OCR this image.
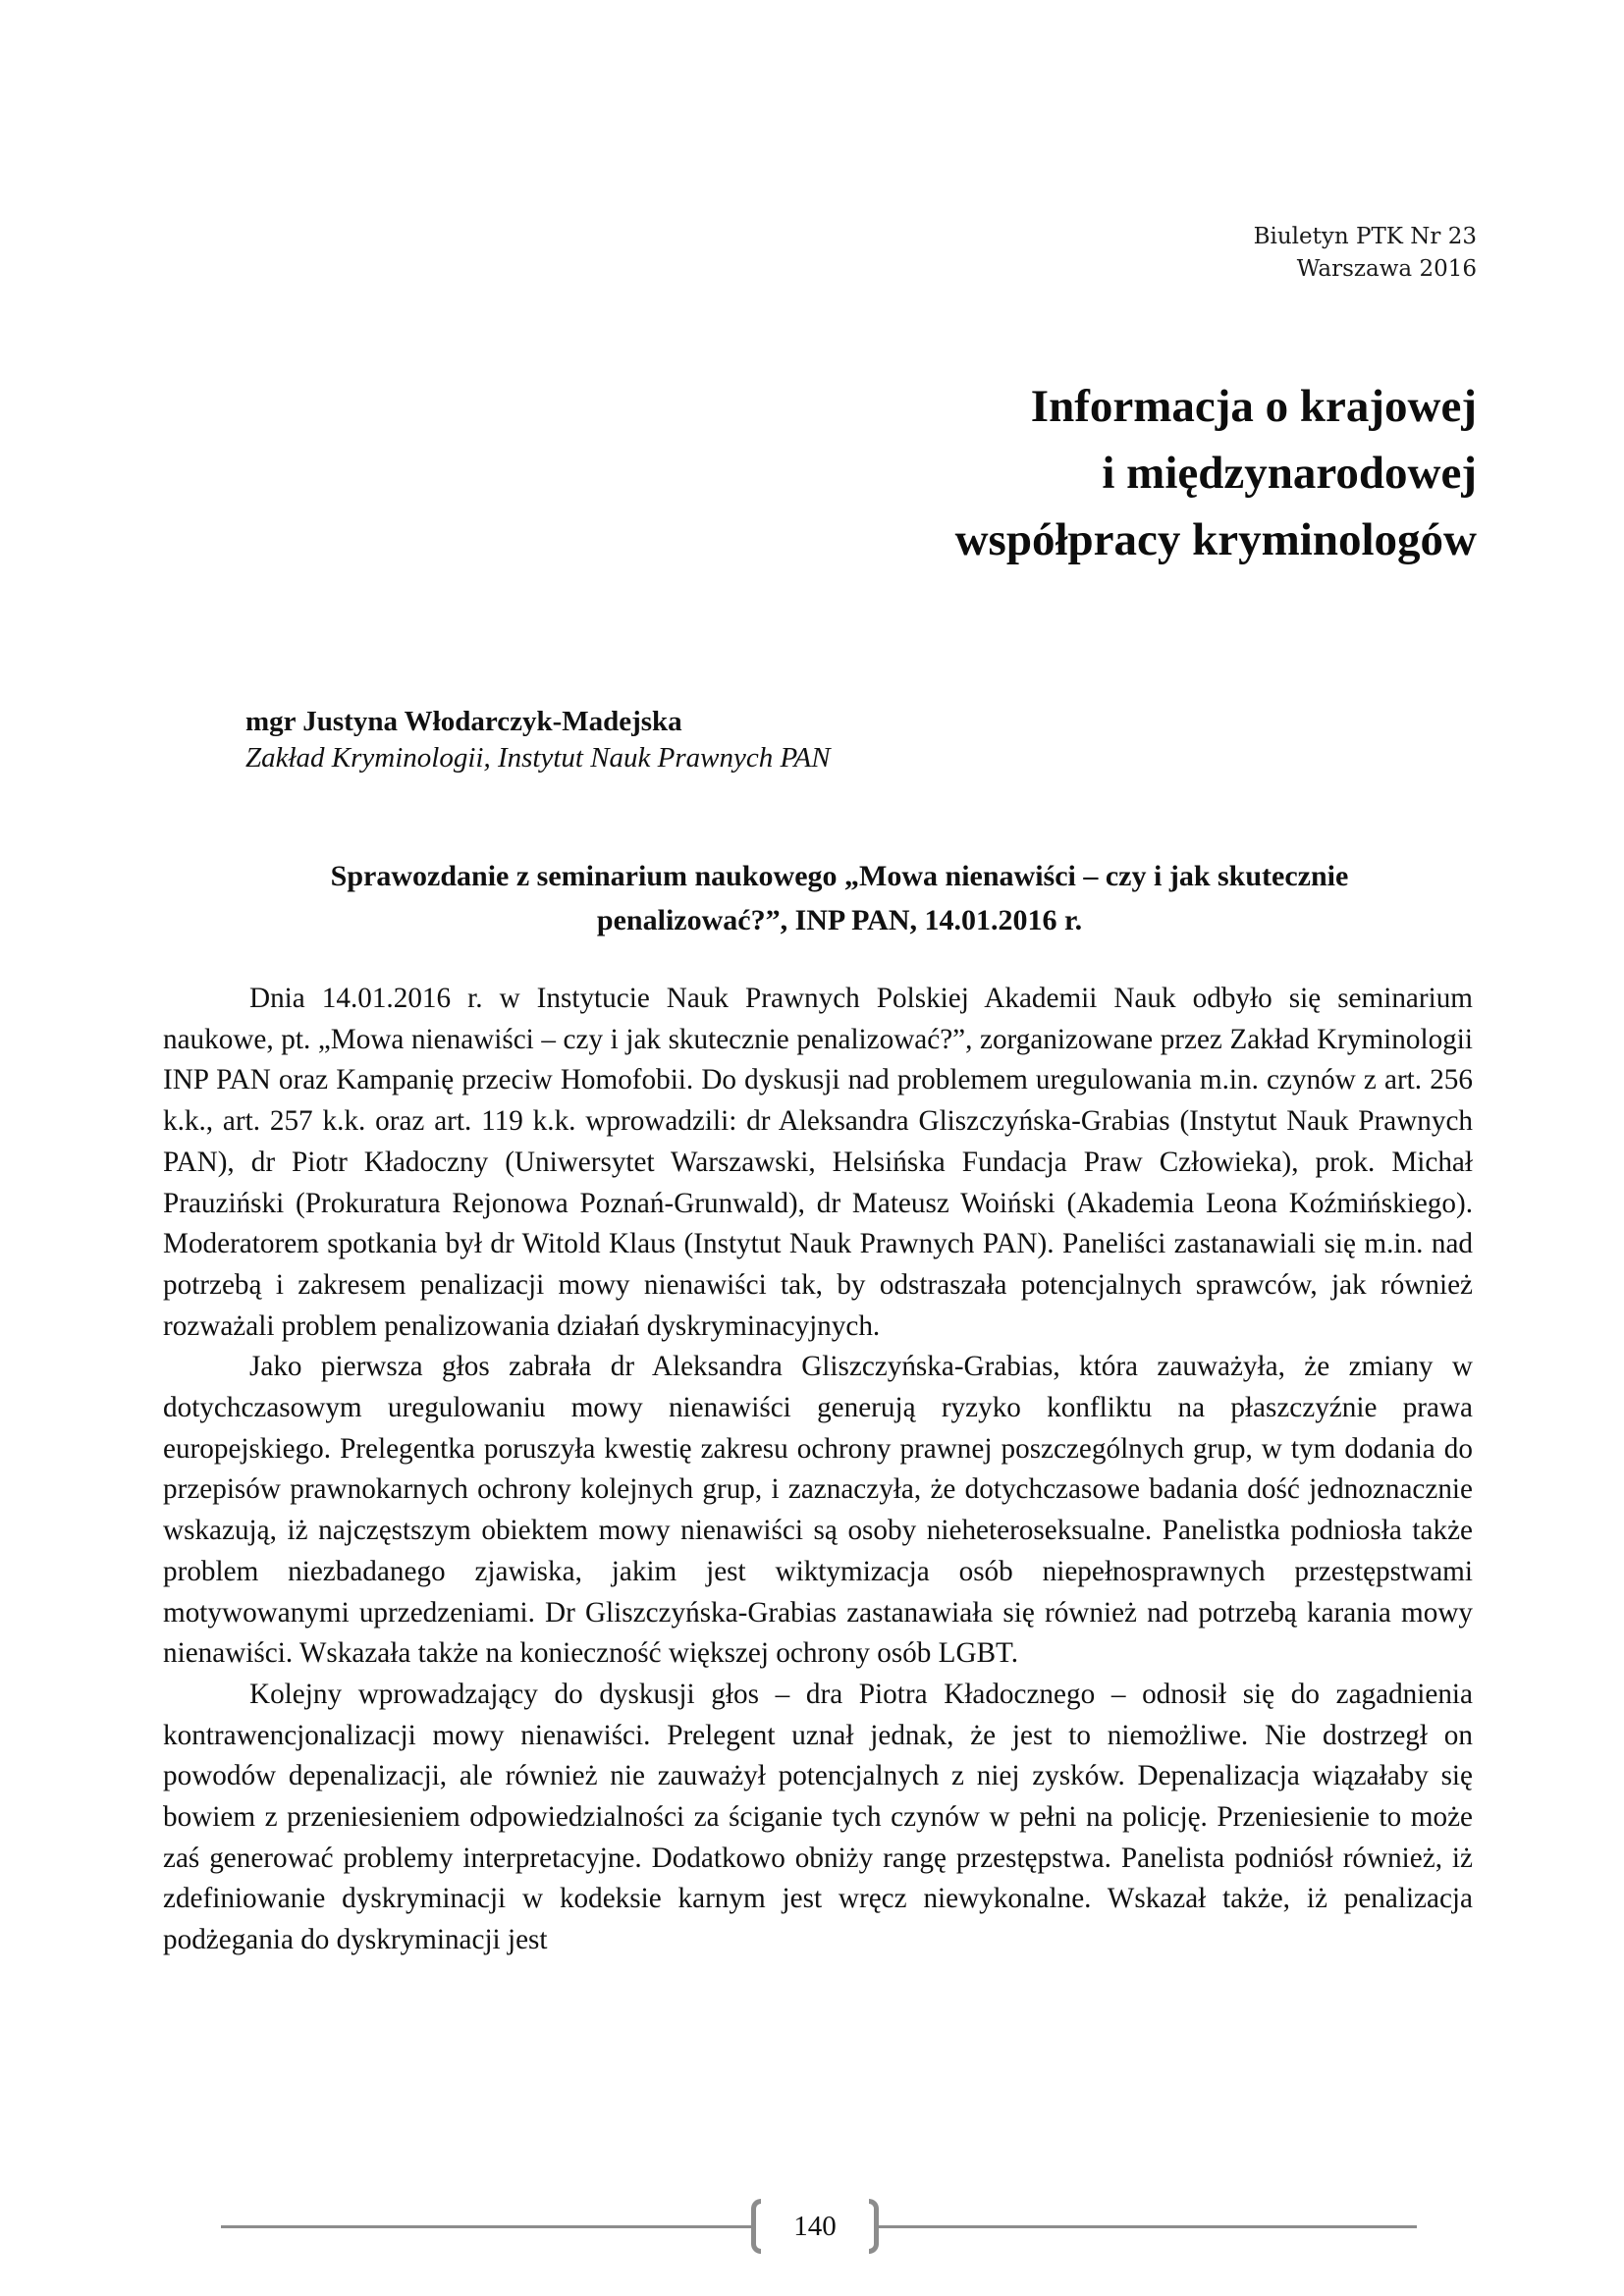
Biuletyn PTK Nr 23
Warszawa 2016
Informacja o krajowej
i międzynarodowej
współpracy kryminologów
mgr Justyna Włodarczyk-Madejska
Zakład Kryminologii, Instytut Nauk Prawnych PAN
Sprawozdanie z seminarium naukowego „Mowa nienawiści – czy i jak skutecznie
penalizować?”, INP PAN, 14.01.2016 r.

Dnia 14.01.2016 r. w Instytucie Nauk Prawnych Polskiej Akademii Nauk odbyło się seminarium naukowe, pt. „Mowa nienawiści – czy i jak skutecznie penalizować?”, zorganizowane przez Zakład Kryminologii INP PAN oraz Kampanię przeciw Homofobii. Do dyskusji nad problemem uregulowania m.in. czynów z art. 256 k.k., art. 257 k.k. oraz art. 119 k.k. wprowadzili: dr Aleksandra Gliszczyńska-Grabias (Instytut Nauk Prawnych PAN), dr Piotr Kładoczny (Uniwersytet Warszawski, Helsińska Fundacja Praw Człowieka), prok. Michał Prauziński (Prokuratura Rejonowa Poznań-Grunwald), dr Mateusz Woiński (Akademia Leona Koźmińskiego). Moderatorem spotkania był dr Witold Klaus (Instytut Nauk Prawnych PAN). Paneliści zastanawiali się m.in. nad potrzebą i zakresem penalizacji mowy nienawiści tak, by odstraszała potencjalnych sprawców, jak również rozważali problem penalizowania działań dyskryminacyjnych.

Jako pierwsza głos zabrała dr Aleksandra Gliszczyńska-Grabias, która zauważyła, że zmiany w dotychczasowym uregulowaniu mowy nienawiści generują ryzyko konfliktu na płaszczyźnie prawa europejskiego. Prelegentka poruszyła kwestię zakresu ochrony prawnej poszczególnych grup, w tym dodania do przepisów prawnokarnych ochrony kolejnych grup, i zaznaczyła, że dotychczasowe badania dość jednoznacznie wskazują, iż najczęstszym obiektem mowy nienawiści są osoby nieheteroseksualne. Panelistka podniosła także problem niezbadanego zjawiska, jakim jest wiktymizacja osób niepełnosprawnych przestępstwami motywowanymi uprzedzeniami. Dr Gliszczyńska-Grabias zastanawiała się również nad potrzebą karania mowy nienawiści. Wskazała także na konieczność większej ochrony osób LGBT.

Kolejny wprowadzający do dyskusji głos – dra Piotra Kładocznego – odnosił się do zagadnienia kontrawencjonalizacji mowy nienawiści. Prelegent uznał jednak, że jest to niemożliwe. Nie dostrzegł on powodów depenalizacji, ale również nie zauważył potencjalnych z niej zysków. Depenalizacja wiązałaby się bowiem z przeniesieniem odpowiedzialności za ściganie tych czynów w pełni na policję. Przeniesienie to może zaś generować problemy interpretacyjne. Dodatkowo obniży rangę przestępstwa. Panelista podniósł również, iż zdefiniowanie dyskryminacji w kodeksie karnym jest wręcz niewykonalne. Wskazał także, iż penalizacja podżegania do dyskryminacji jest

140
